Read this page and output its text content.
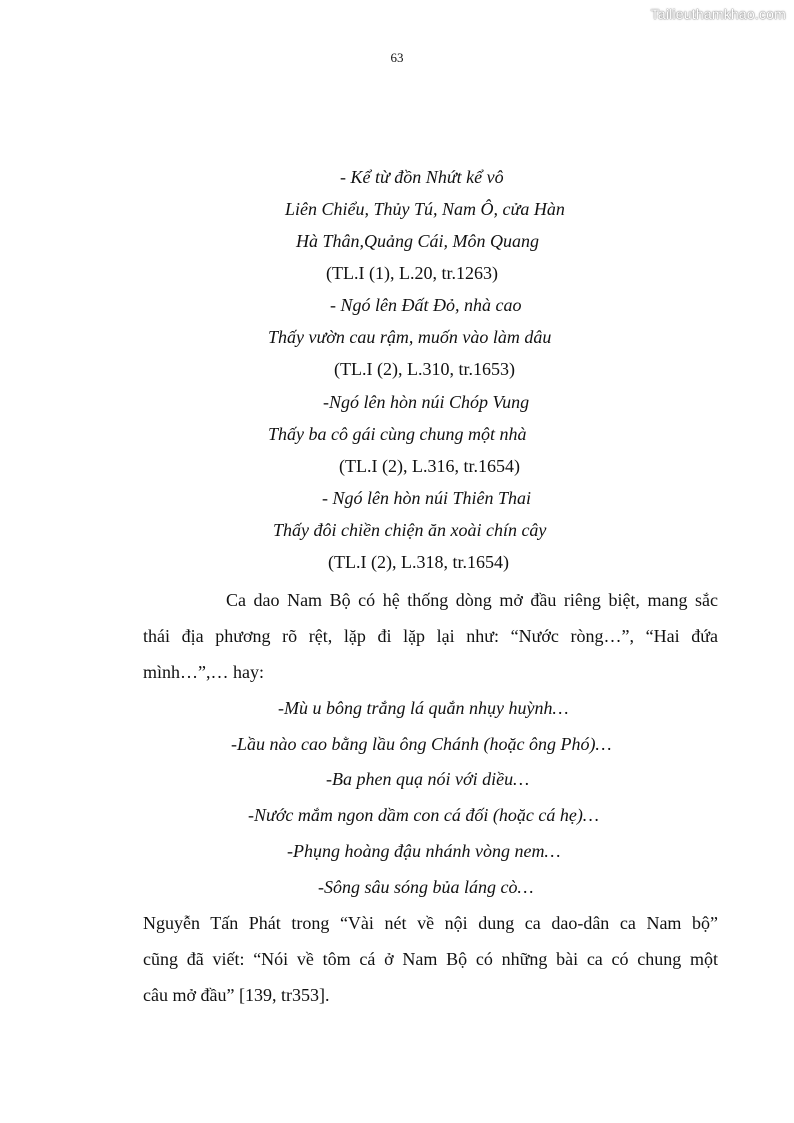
Tailieuthamkhao.com
63
- Kể từ đồn Nhứt kể vô
Liên Chiểu, Thủy Tú, Nam Ô, cửa Hàn
Hà Thân,Quảng Cái, Môn Quang
(TL.I (1), L.20, tr.1263)
- Ngó lên Đất Đỏ, nhà cao
Thấy vườn cau rậm, muốn vào làm dâu
(TL.I (2), L.310, tr.1653)
-Ngó lên hòn núi Chóp Vung
Thấy ba cô gái cùng chung một nhà
(TL.I (2), L.316, tr.1654)
- Ngó lên hòn núi Thiên Thai
Thấy đôi chiền chiện ăn xoài chín cây
(TL.I (2), L.318, tr.1654)
Ca dao Nam Bộ có hệ thống dòng mở đầu riêng biệt, mang sắc
thái địa phương rõ rệt, lặp đi lặp lại như: “Nước ròng…”, “Hai đứa
mình…”,… hay:
-Mù u bông trắng lá quắn nhụy huỳnh…
-Lầu nào cao bằng lầu ông Chánh (hoặc ông Phó)…
-Ba phen quạ nói với diều…
-Nước mắm ngon dầm con cá đối (hoặc cá hẹ)…
-Phụng hoàng đậu nhánh vòng nem…
-Sông sâu sóng bủa láng cò…
Nguyễn Tấn Phát trong “Vài nét về nội dung ca dao-dân ca Nam bộ”
cũng đã viết: “Nói về tôm cá ở Nam Bộ có những bài ca có chung một
câu mở đầu” [139, tr353].
